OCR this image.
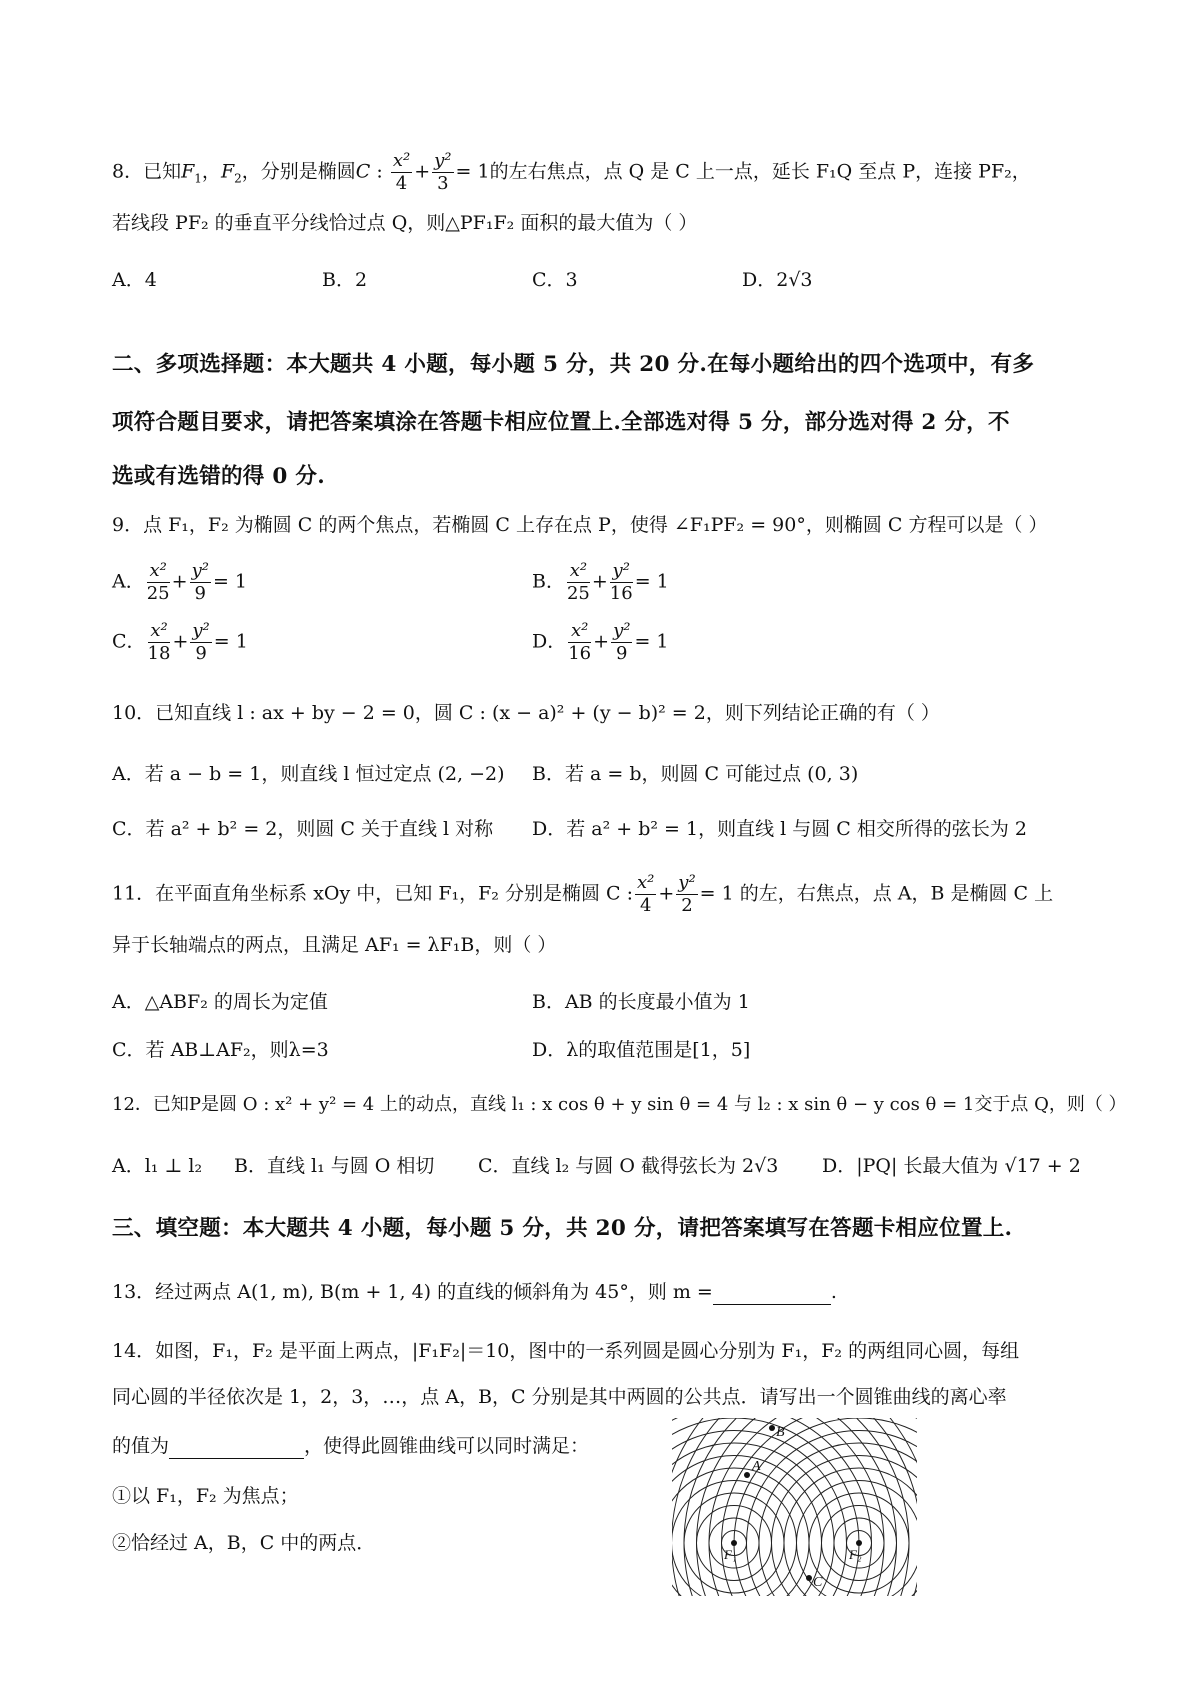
8．已知$F_1$，$F_2$，分别是椭圆C : $\frac{\text{x²}}{4} + \frac{\text{y²}}{3} = 1$的左右焦点，点 Q 是 C 上一点，延长 F₁Q 至点 P，连接 PF₂，
若线段 PF₂ 的垂直平分线恰过点 Q，则△PF₁F₂ 面积的最大值为（ ）
A．4	B．2	C．3	D．2√3
二、多项选择题：本大题共 4 小题，每小题 5 分，共 20 分.在每小题给出的四个选项中，有多
项符合题目要求，请把答案填涂在答题卡相应位置上.全部选对得 5 分，部分选对得 2 分，不
选或有选错的得 0 分.
9．点 F₁，F₂ 为椭圆 C 的两个焦点，若椭圆 C 上存在点 P，使得 ∠F₁PF₂ = 90°，则椭圆 C 方程可以是（ ）
A． $\frac{\text{x²}}{25} + \frac{\text{y²}}{9} = 1$	B． $\frac{\text{x²}}{25} + \frac{\text{y²}}{16} = 1$
C． $\frac{\text{x²}}{18} + \frac{\text{y²}}{9} = 1$	D． $\frac{\text{x²}}{16} + \frac{\text{y²}}{9} = 1$
10．已知直线 l : ax + by − 2 = 0，圆 C : (x − a)² + (y − b)² = 2，则下列结论正确的有（ ）
A．若 a − b = 1，则直线 l 恒过定点 (2, −2) B．若 a = b，则圆 C 可能过点 (0, 3)
C．若 a² + b² = 2，则圆 C 关于直线 l 对称 D．若 a² + b² = 1，则直线 l 与圆 C 相交所得的弦长为 2
11．在平面直角坐标系 xOy 中，已知 F₁，F₂ 分别是椭圆 C : $\frac{\text{x²}}{4} + \frac{\text{y²}}{2} = 1$ 的左，右焦点，点 A，B 是椭圆 C 上
异于长轴端点的两点，且满足 AF₁ = λF₁B，则（ ）
A．△ABF₂ 的周长为定值	B．AB 的长度最小值为 1
C．若 AB⊥AF₂，则λ=3	D．λ的取值范围是[1，5]
12．已知P是圆 O : x² + y² = 4 上的动点，直线 l₁ : x cos θ + y sin θ = 4 与 l₂ : x sin θ − y cos θ = 1交于点 Q，则（ ）
A．l₁ ⊥ l₂ B．直线 l₁ 与圆 O 相切 C．直线 l₂ 与圆 O 截得弦长为 2√3 D．|PQ| 长最大值为 √17 + 2
三、填空题：本大题共 4 小题，每小题 5 分，共 20 分，请把答案填写在答题卡相应位置上.
13．经过两点 A(1, m), B(m + 1, 4) 的直线的倾斜角为 45°，则 m =	.
14．如图，F₁，F₂ 是平面上两点，|F₁F₂|＝10，图中的一系列圆是圆心分别为 F₁，F₂ 的两组同心圆，每组
同心圆的半径依次是 1，2，3，…，点 A，B，C 分别是其中两圆的公共点．请写出一个圆锥曲线的离心率
的值为	，使得此圆锥曲线可以同时满足：
①以 F₁，F₂ 为焦点；
②恰经过 A，B，C 中的两点．
A
B
C
F₁	F₂
